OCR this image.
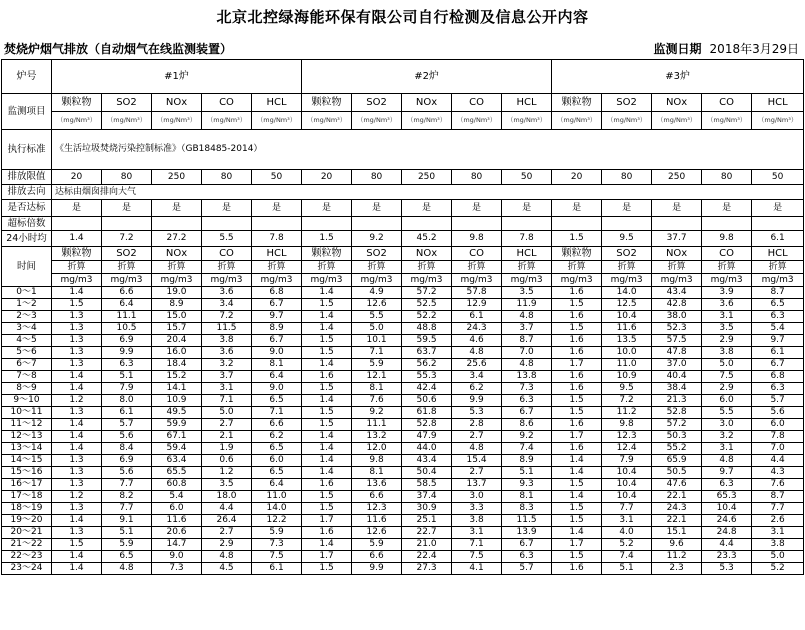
北京北控绿海能环保有限公司自行检测及信息公开内容
焚烧炉烟气排放（自动烟气在线监测装置）	监测日期 2018年3月29日
炉号	#1炉					#2炉					#3炉				
监测项目	颗粒物	SO2	NOx	CO	HCL	颗粒物	SO2	NOx	CO	HCL	颗粒物	SO2	NOx	CO	HCL
	（mg/Nm³）	（mg/Nm³）	（mg/Nm³）	（mg/Nm³）	（mg/Nm³）	（mg/Nm³）	（mg/Nm³）	（mg/Nm³）	（mg/Nm³）	（mg/Nm³）	（mg/Nm³）	（mg/Nm³）	（mg/Nm³）	（mg/Nm³）	（mg/Nm³）
执行标准	《生活垃圾焚烧污染控制标准》（GB18485-2014）														
排放限值	20	80	250	80	50	20	80	250	80	50	20	80	250	80	50
排放去向	达标由烟囱排向大气														
是否达标	是	是	是	是	是	是	是	是	是	是	是	是	是	是	是
超标倍数															
24小时均	1.4	7.2	27.2	5.5	7.8	1.5	9.2	45.2	9.8	7.8	1.5	9.5	37.7	9.8	6.1
时间	颗粒物	SO2	NOx	CO	HCL	颗粒物	SO2	NOx	CO	HCL	颗粒物	SO2	NOx	CO	HCL
	折算	折算	折算	折算	折算	折算	折算	折算	折算	折算	折算	折算	折算	折算	折算
	mg/m3	mg/m3	mg/m3	mg/m3	mg/m3	mg/m3	mg/m3	mg/m3	mg/m3	mg/m3	mg/m3	mg/m3	mg/m3	mg/m3	mg/m3
0～1	1.4	6.6	19.0	3.6	6.8	1.4	4.9	57.2	57.8	3.5	1.6	14.0	43.4	3.9	8.7
1～2	1.5	6.4	8.9	3.4	6.7	1.5	12.6	52.5	12.9	11.9	1.5	12.5	42.8	3.6	6.5
2～3	1.3	11.1	15.0	7.2	9.7	1.4	5.5	52.2	6.1	4.8	1.6	10.4	38.0	3.1	6.3
3～4	1.3	10.5	15.7	11.5	8.9	1.4	5.0	48.8	24.3	3.7	1.5	11.6	52.3	3.5	5.4
4～5	1.3	6.9	20.4	3.8	6.7	1.5	10.1	59.5	4.6	8.7	1.6	13.5	57.5	2.9	9.7
5～6	1.3	9.9	16.0	3.6	9.0	1.5	7.1	63.7	4.8	7.0	1.6	10.0	47.8	3.8	6.1
6～7	1.3	6.3	18.4	3.2	8.1	1.4	5.9	56.2	25.6	4.8	1.7	11.0	37.0	5.0	6.7
7～8	1.4	5.1	15.2	3.7	6.4	1.6	12.1	55.3	3.4	13.8	1.6	10.9	40.4	7.5	6.8
8～9	1.4	7.9	14.1	3.1	9.0	1.5	8.1	42.4	6.2	7.3	1.6	9.5	38.4	2.9	6.3
9～10	1.2	8.0	10.9	7.1	6.5	1.4	7.6	50.6	9.9	6.3	1.5	7.2	21.3	6.0	5.7
10～11	1.3	6.1	49.5	5.0	7.1	1.5	9.2	61.8	5.3	6.7	1.5	11.2	52.8	5.5	5.6
11～12	1.4	5.7	59.9	2.7	6.6	1.5	11.1	52.8	2.8	8.6	1.6	9.8	57.2	3.0	6.0
12～13	1.4	5.6	67.1	2.1	6.2	1.4	13.2	47.9	2.7	9.2	1.7	12.3	50.3	3.2	7.8
13～14	1.4	8.4	59.4	1.9	6.5	1.4	12.0	44.0	4.8	7.4	1.6	12.4	55.2	3.1	7.0
14～15	1.3	6.9	63.4	0.6	6.0	1.4	9.8	43.4	15.4	8.9	1.4	7.9	65.9	4.8	4.4
15～16	1.3	5.6	65.5	1.2	6.5	1.4	8.1	50.4	2.7	5.1	1.4	10.4	50.5	9.7	4.3
16～17	1.3	7.7	60.8	3.5	6.4	1.6	13.6	58.5	13.7	9.3	1.5	10.4	47.6	6.3	7.6
17～18	1.2	8.2	5.4	18.0	11.0	1.5	6.6	37.4	3.0	8.1	1.4	10.4	22.1	65.3	8.7
18～19	1.3	7.7	6.0	4.4	14.0	1.5	12.3	30.9	3.3	8.3	1.5	7.7	24.3	10.4	7.7
19～20	1.4	9.1	11.6	26.4	12.2	1.7	11.6	25.1	3.8	11.5	1.5	3.1	22.1	24.6	2.6
20～21	1.3	5.1	20.6	2.7	5.9	1.6	12.6	22.7	3.1	13.9	1.4	4.0	15.1	24.8	3.1
21～22	1.5	5.9	14.7	2.9	7.3	1.4	5.9	21.0	7.1	6.7	1.7	5.2	9.6	4.4	3.8
22～23	1.4	6.5	9.0	4.8	7.5	1.7	6.6	22.4	7.5	6.3	1.5	7.4	11.2	23.3	5.0
23～24	1.4	4.8	7.3	4.5	6.1	1.5	9.9	27.3	4.1	5.7	1.6	5.1	2.3	5.3	5.2
